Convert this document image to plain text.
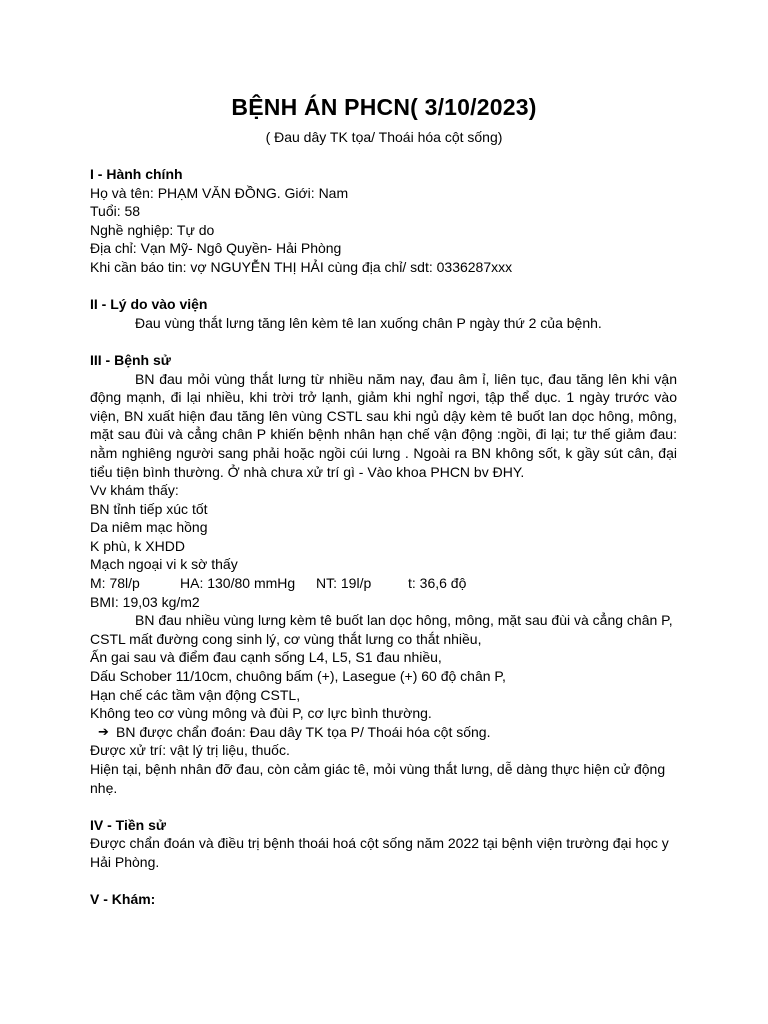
BỆNH ÁN PHCN( 3/10/2023)
( Đau dây TK tọa/ Thoái hóa cột sống)
I - Hành chính
Họ và tên: PHẠM VĂN ĐỒNG. Giới: Nam
Tuổi: 58
Nghề nghiệp: Tự do
Địa chỉ: Vạn Mỹ- Ngô Quyền- Hải Phòng
Khi cần báo tin: vợ NGUYỄN THỊ HẢI cùng địa chỉ/ sdt: 0336287xxx
II - Lý do vào viện
Đau vùng thắt lưng tăng lên kèm tê lan xuống chân P ngày thứ 2 của bệnh.
III - Bệnh sử
BN đau mỏi vùng thắt lưng từ nhiều năm nay, đau âm ỉ, liên tục, đau tăng lên khi vận động mạnh, đi lại nhiều, khi trời trở lạnh, giảm khi nghỉ ngơi, tập thể dục. 1 ngày trước vào viện, BN xuất hiện đau tăng lên vùng CSTL sau khi ngủ dậy kèm tê buốt lan dọc hông, mông, mặt sau đùi và cẳng chân P khiến bệnh nhân hạn chế vận động :ngồi, đi lại; tư thế giảm đau: nằm nghiêng người sang phải hoặc ngồi cúi lưng . Ngoài ra BN không sốt, k gầy sút cân, đại tiểu tiện bình thường. Ở nhà chưa xử trí gì - Vào khoa PHCN bv ĐHY.
Vv khám thấy:
BN tỉnh tiếp xúc tốt
Da niêm mạc hồng
K phù, k XHDD
Mạch ngoại vi k sờ thấy
M: 78l/p	HA: 130/80 mmHg NT: 19l/p	t: 36,6 độ
BMI: 19,03 kg/m2
BN đau nhiều vùng lưng kèm tê buốt lan dọc hông, mông, mặt sau đùi và cẳng chân P,
CSTL mất đường cong sinh lý, cơ vùng thắt lưng co thắt nhiều,
Ấn gai sau và điểm đau cạnh sống L4, L5, S1 đau nhiều,
Dấu Schober 11/10cm, chuông bấm (+), Lasegue (+) 60 độ chân P,
Hạn chế các tầm vận động CSTL,
Không teo cơ vùng mông và đùi P, cơ lực bình thường.
➔ BN được chẩn đoán: Đau dây TK tọa P/ Thoái hóa cột sống.
Được xử trí: vật lý trị liệu, thuốc.
Hiện tại, bệnh nhân đỡ đau, còn cảm giác tê, mỏi vùng thắt lưng, dễ dàng thực hiện cử động nhẹ.
IV - Tiền sử
Được chẩn đoán và điều trị bệnh thoái hoá cột sống năm 2022 tại bệnh viện trường đại học y Hải Phòng.
V - Khám:
